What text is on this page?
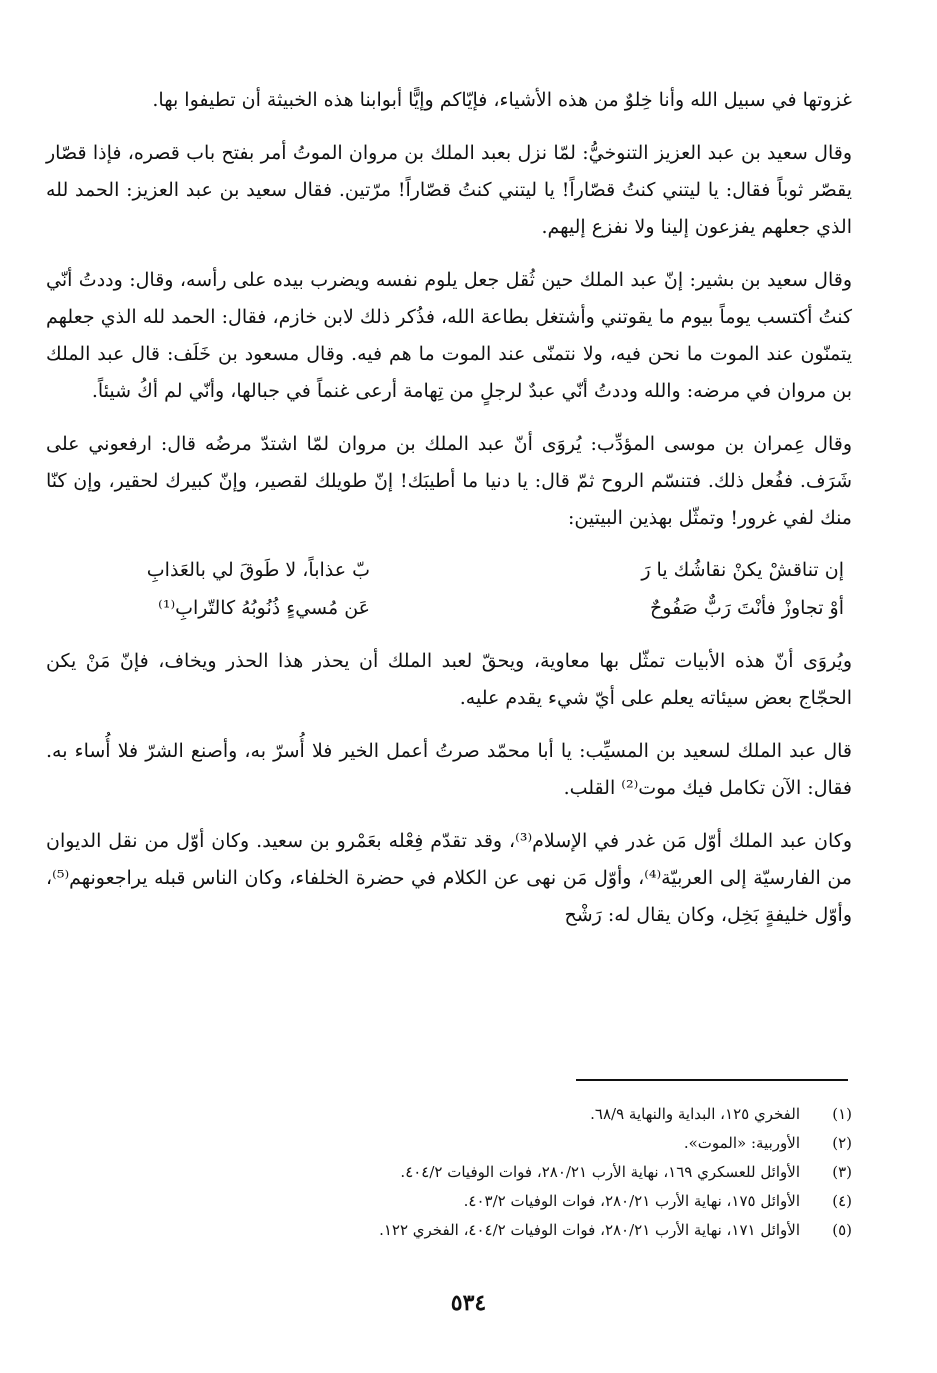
غزوتها في سبيل الله وأنا خِلوٌ من هذه الأشياء، فإيّاكم وإيًّا أبوابنا هذه الخبيثة أن تطيفوا بها.

وقال سعيد بن عبد العزيز التنوخيُّ: لمّا نزل بعبد الملك بن مروان الموتُ أمر بفتح باب قصره، فإذا قصّار يقصّر ثوباً فقال: يا ليتني كنتُ قصّاراً! يا ليتني كنتُ قصّاراً! مرّتين. فقال سعيد بن عبد العزيز: الحمد لله الذي جعلهم يفزعون إلينا ولا نفزع إليهم.

وقال سعيد بن بشير: إنّ عبد الملك حين ثُقل جعل يلوم نفسه ويضرب بيده على رأسه، وقال: وددتُ أنّي كنتُ أكتسب يوماً بيوم ما يقوتني وأشتغل بطاعة الله، فذُكر ذلك لابن خازم، فقال: الحمد لله الذي جعلهم يتمنّون عند الموت ما نحن فيه، ولا نتمنّى عند الموت ما هم فيه. وقال مسعود بن خَلَف: قال عبد الملك بن مروان في مرضه: والله وددتُ أنّي عبدٌ لرجلٍ من تِهامة أرعى غنماً في جبالها، وأنّي لم أكُ شيئاً.

وقال عِمران بن موسى المؤدِّب: يُروَى أنّ عبد الملك بن مروان لمّا اشتدّ مرضُه قال: ارفعوني على شَرَف. ففُعل ذلك. فتنسّم الروح ثمّ قال: يا دنيا ما أطيبَك! إنّ طويلك لقصير، وإنّ كبيرك لحقير، وإن كنّا منك لفي غرور! وتمثّل بهذين البيتين:

إن تناقشْ يكنْ نقاشُك يا رَ
بّ عذاباً، لا طَوقَ لي بالعَذابِ
أوْ تجاوزْ فأنْتَ رَبٌّ صَفُوحٌ
عَن مُسيءٍ ذُنُوبُهُ كالتّرابِ⁽¹⁾

ويُروَى أنّ هذه الأبيات تمثّل بها معاوية، ويحقّ لعبد الملك أن يحذر هذا الحذر ويخاف، فإنّ مَنْ يكن الحجّاج بعض سيئاته يعلم على أيّ شيء يقدم عليه.

قال عبد الملك لسعيد بن المسيِّب: يا أبا محمّد صرتُ أعمل الخير فلا أُسرّ به، وأصنع الشرّ فلا أُساء به. فقال: الآن تكامل فيك موت⁽²⁾ القلب.

وكان عبد الملك أوّل مَن غدر في الإسلام⁽³⁾، وقد تقدّم فِعْله بعَمْرو بن سعيد. وكان أوّل من نقل الديوان من الفارسيّة إلى العربيّة⁽⁴⁾، وأوّل مَن نهى عن الكلام في حضرة الخلفاء، وكان الناس قبله يراجعونهم⁽⁵⁾، وأوّل خليفةٍ بَخِل، وكان يقال له: رَشْح

(١)
الفخري ١٢٥، البداية والنهاية ٦٨/٩.
(٢)
الأوربية: «الموت».
(٣)
الأوائل للعسكري ١٦٩، نهاية الأرب ٢٨٠/٢١، فوات الوفيات ٤٠٤/٢.
(٤)
الأوائل ١٧٥، نهاية الأرب ٢٨٠/٢١، فوات الوفيات ٤٠٣/٢.
(٥)
الأوائل ١٧١، نهاية الأرب ٢٨٠/٢١، فوات الوفيات ٤٠٤/٢، الفخري ١٢٢.
٥٣٤
